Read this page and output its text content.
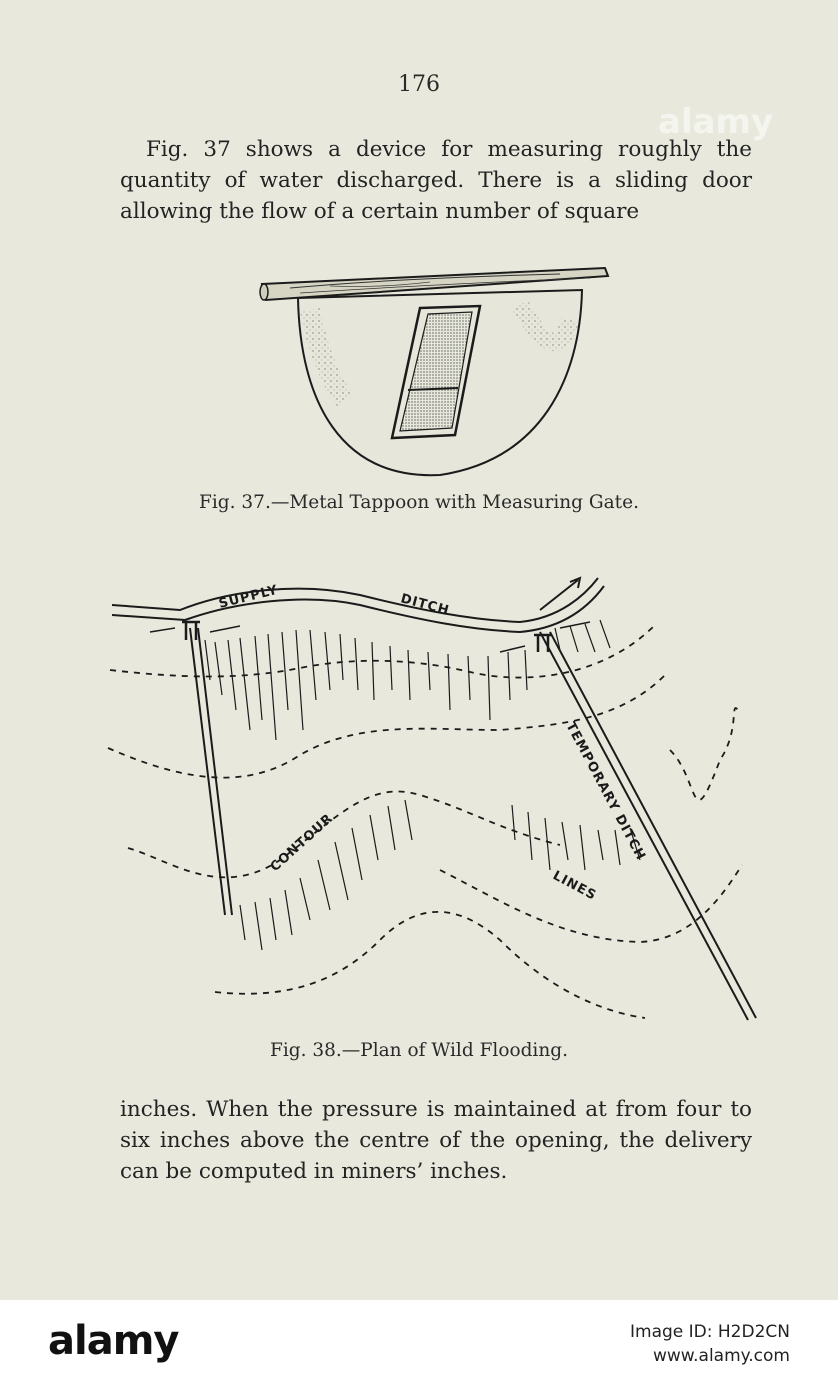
176

Fig. 37 shows a device for measuring roughly the quantity of water discharged. There is a sliding door allowing the flow of a certain number of square

Fig. 37.—Metal Tappoon with Measuring Gate.
SUPPLY	DITCH
TEMPORARY DITCH
CONTOUR
LINES
Fig. 38.—Plan of Wild Flooding.

inches. When the pressure is maintained at from four to six inches above the centre of the opening, the delivery can be computed in miners’ inches.

alamy
alamy	Image ID: H2D2CN
www.alamy.com
